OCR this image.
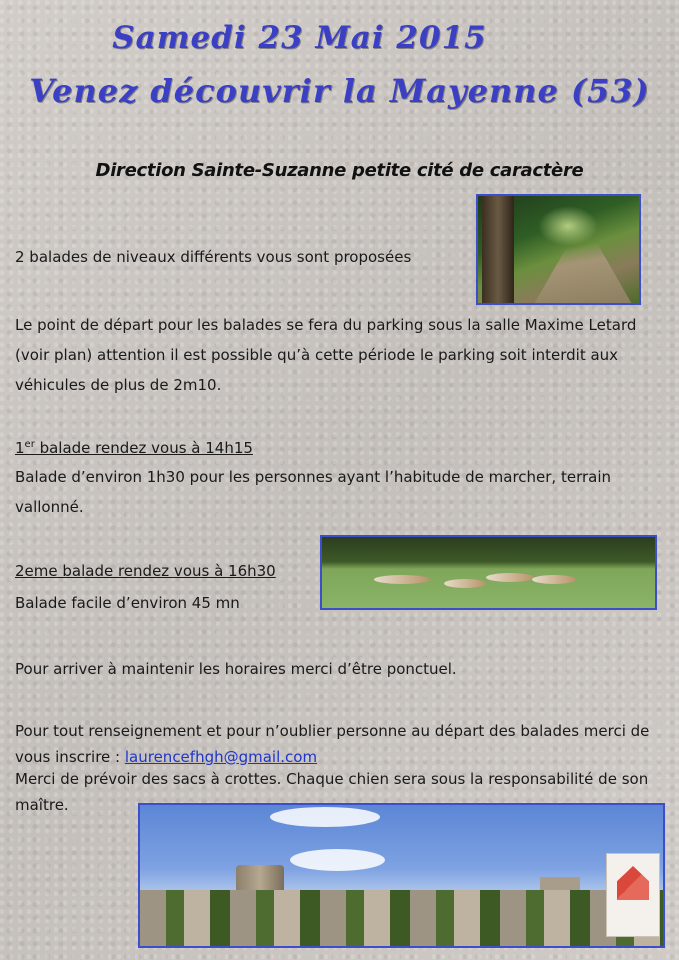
Samedi 23 Mai 2015
Venez découvrir la Mayenne (53)
Direction Sainte-Suzanne petite cité de caractère

2 balades de niveaux différents vous sont proposées

Le point de départ pour les balades se fera du parking sous la salle Maxime Letard (voir plan) attention il est possible qu’à cette période le parking soit interdit aux véhicules de plus de 2m10.

1er balade rendez vous à 14h15

Balade d’environ 1h30 pour les personnes ayant l’habitude de marcher, terrain vallonné.

2eme balade rendez vous à 16h30

Balade facile d’environ 45 mn

Pour arriver à maintenir les horaires merci d’être ponctuel.

Pour tout renseignement et pour n’oublier personne au départ des balades merci de vous inscrire : laurencefhgh@gmail.com

Merci de prévoir des sacs à crottes. Chaque chien sera sous la responsabilité de son maître.
